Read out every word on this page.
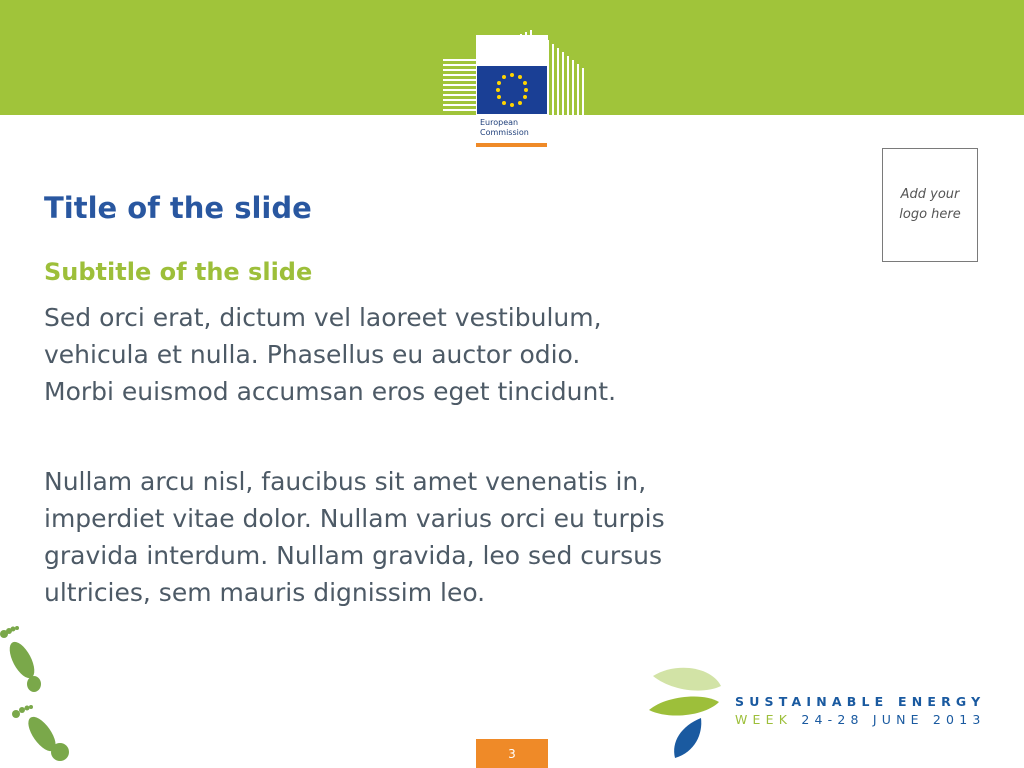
European
Commission
Title of the slide
Subtitle of the slide

Sed orci erat, dictum vel laoreet vestibulum,
vehicula et nulla. Phasellus eu auctor odio.
Morbi euismod accumsan eros eget tincidunt.

Nullam arcu nisl, faucibus sit amet venenatis in,
imperdiet vitae dolor. Nullam varius orci eu turpis
gravida interdum. Nullam gravida, leo sed cursus
ultricies, sem mauris dignissim leo.

Add your
logo here
SUSTAINABLE ENERGY
WEEK 24-28 JUNE 2013
3
